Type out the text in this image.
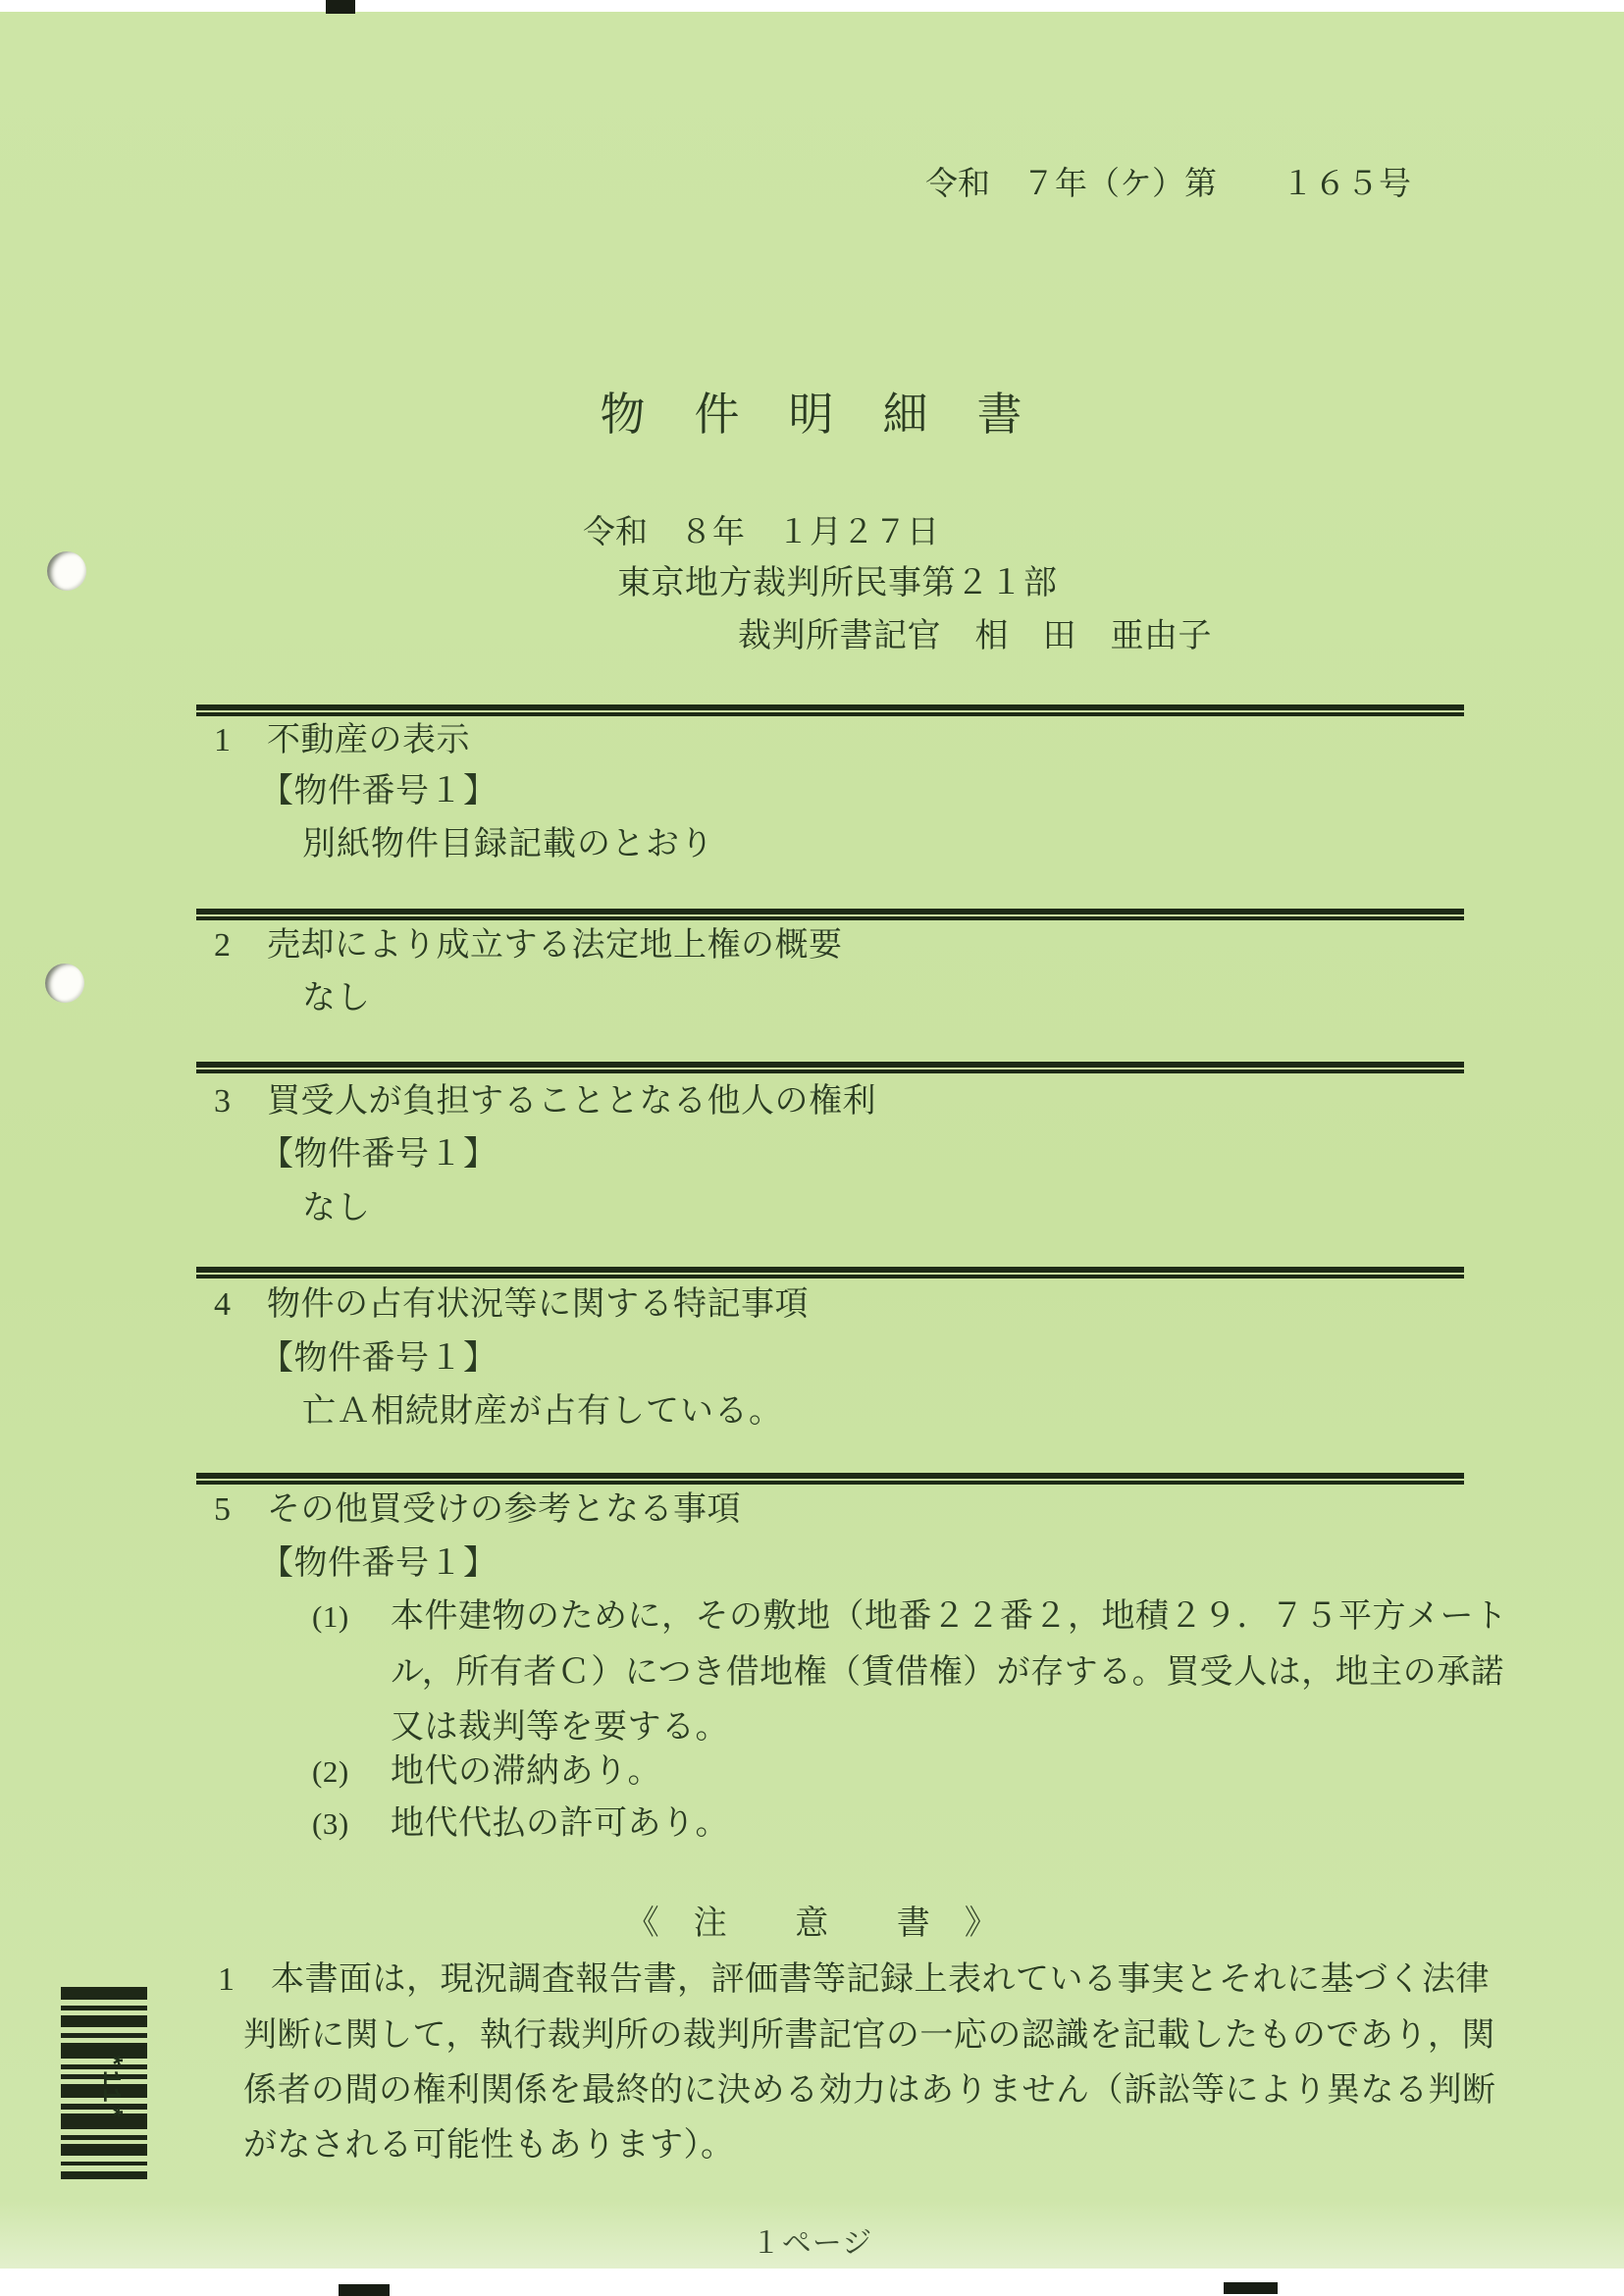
令和　７年（ケ）第　　１６５号
物　件　明　細　書
令和　８年　１月２７日
東京地方裁判所民事第２１部
裁判所書記官　相　田　亜由子
1 不動産の表示
【物件番号１】
別紙物件目録記載のとおり
2 売却により成立する法定地上権の概要
なし
3 買受人が負担することとなる他人の権利
【物件番号１】
なし
4 物件の占有状況等に関する特記事項
【物件番号１】
亡Ａ相続財産が占有している。
5 その他買受けの参考となる事項
【物件番号１】
(1) 本件建物のために，その敷地（地番２２番２，地積２９．７５平方メート
ル，所有者Ｃ）につき借地権（賃借権）が存する。買受人は，地主の承諾
又は裁判等を要する。
(2) 地代の滞納あり。
(3) 地代代払の許可あり。
《　注　　意　　書　》
1 本書面は，現況調査報告書，評価書等記録上表れている事実とそれに基づく法律
判断に関して，執行裁判所の裁判所書記官の一応の認識を記載したものであり，関
係者の間の権利関係を最終的に決める効力はありません（訴訟等により異なる判断
がなされる可能性もあります）。
*11*
１ページ
